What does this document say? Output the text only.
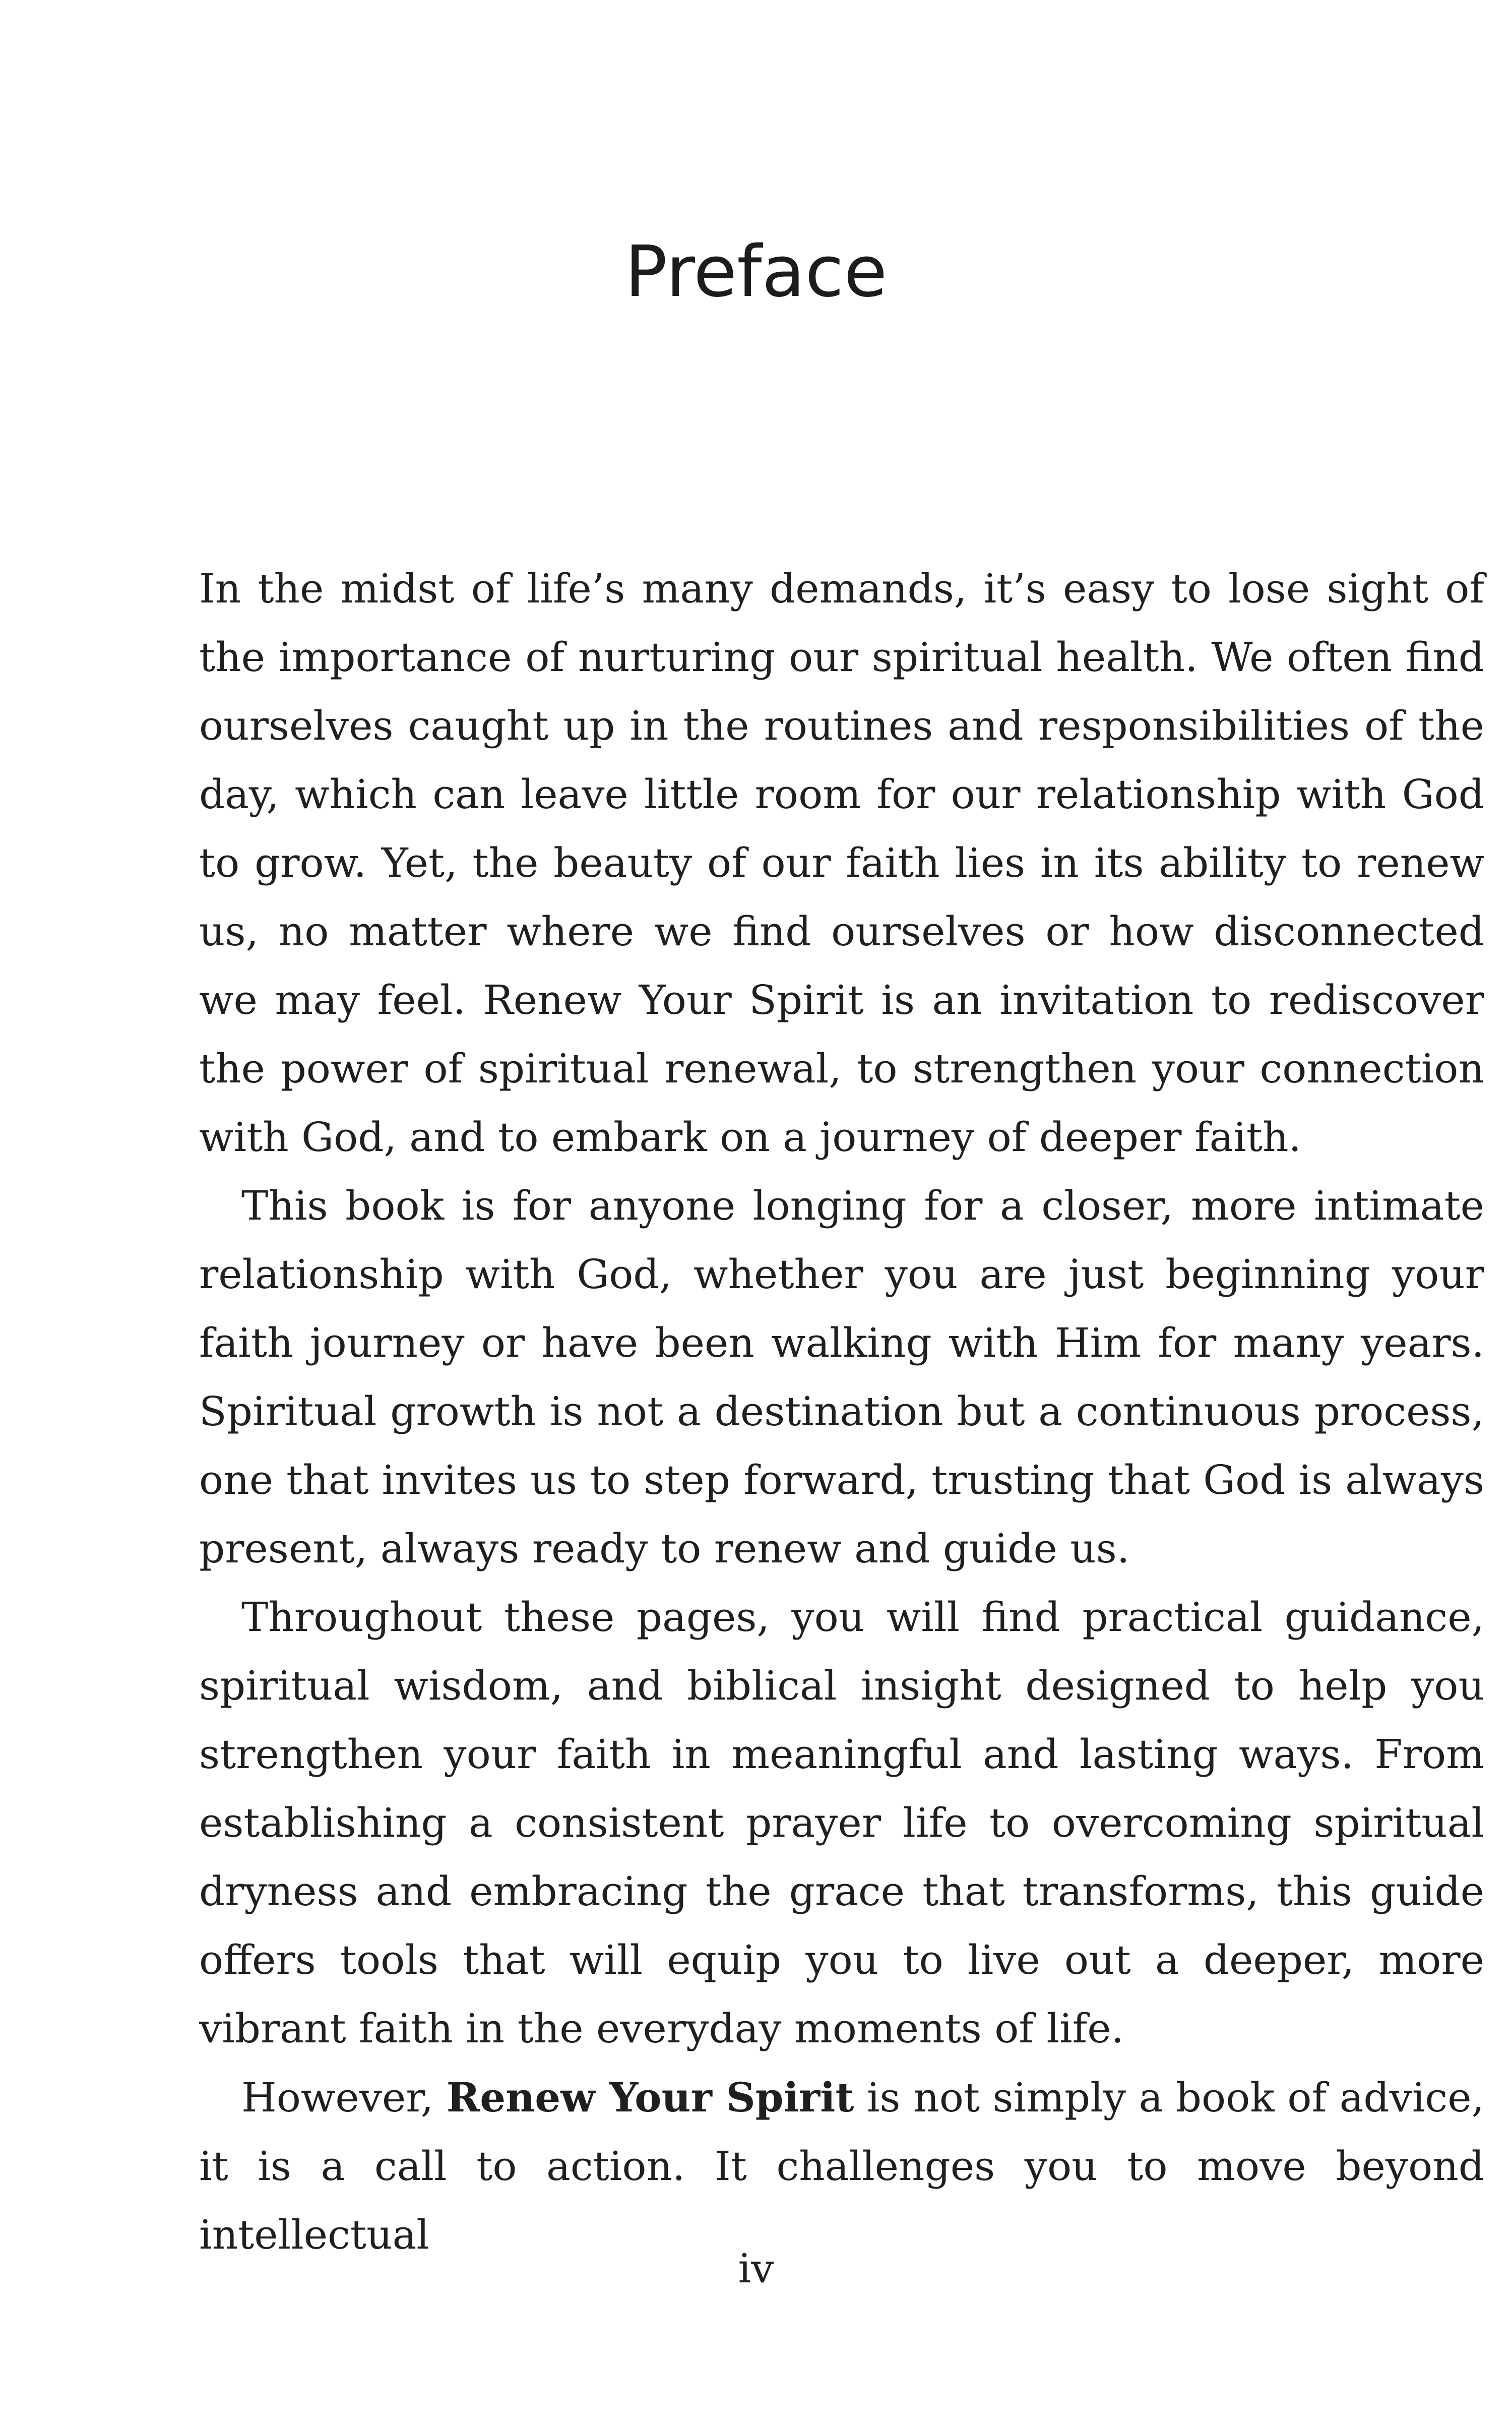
Preface

In the midst of life’s many demands, it’s easy to lose sight of the importance of nurturing our spiritual health. We often find ourselves caught up in the routines and responsibilities of the day, which can leave little room for our relationship with God to grow. Yet, the beauty of our faith lies in its ability to renew us, no matter where we find ourselves or how disconnected we may feel. Renew Your Spirit is an invitation to rediscover the power of spiritual renewal, to strengthen your connection with God, and to embark on a journey of deeper faith.

This book is for anyone longing for a closer, more intimate relationship with God, whether you are just beginning your faith journey or have been walking with Him for many years. Spiritual growth is not a destination but a continuous process, one that invites us to step forward, trusting that God is always present, always ready to renew and guide us.

Throughout these pages, you will find practical guidance, spiritual wisdom, and biblical insight designed to help you strengthen your faith in meaningful and lasting ways. From establishing a consistent prayer life to overcoming spiritual dryness and embracing the grace that transforms, this guide offers tools that will equip you to live out a deeper, more vibrant faith in the everyday moments of life.

However, Renew Your Spirit is not simply a book of advice, it is a call to action. It challenges you to move beyond intellectual

iv
